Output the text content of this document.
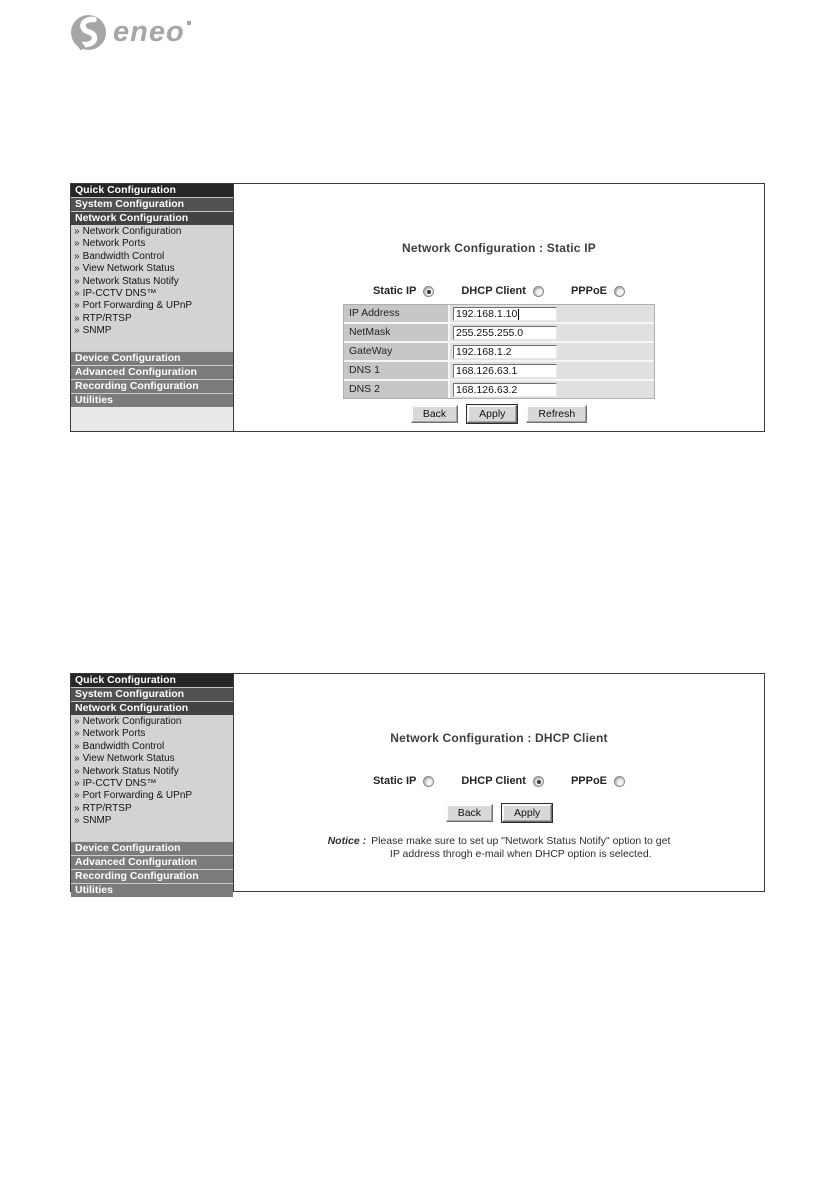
eneo
Quick Configuration
System Configuration
Network Configuration
» Network Configuration
» Network Ports
» Bandwidth Control
» View Network Status
» Network Status Notify
» IP-CCTV DNS™
» Port Forwarding & UPnP
» RTP/RTSP
» SNMP
Device Configuration
Advanced Configuration
Recording Configuration
Utilities
Network Configuration : Static IP
Static IP	DHCP Client	PPPoE
IP Address
192.168.1.10
NetMask
255.255.255.0
GateWay
192.168.1.2
DNS 1
168.126.63.1
DNS 2
168.126.63.2
Back	Apply	Refresh
Quick Configuration
System Configuration
Network Configuration
» Network Configuration
» Network Ports
» Bandwidth Control
» View Network Status
» Network Status Notify
» IP-CCTV DNS™
» Port Forwarding & UPnP
» RTP/RTSP
» SNMP
Device Configuration
Advanced Configuration
Recording Configuration
Utilities
Network Configuration : DHCP Client
Static IP	DHCP Client	PPPoE
Back	Apply
Notice : Please make sure to set up "Network Status Notify" option to get
IP address throgh e-mail when DHCP option is selected.
